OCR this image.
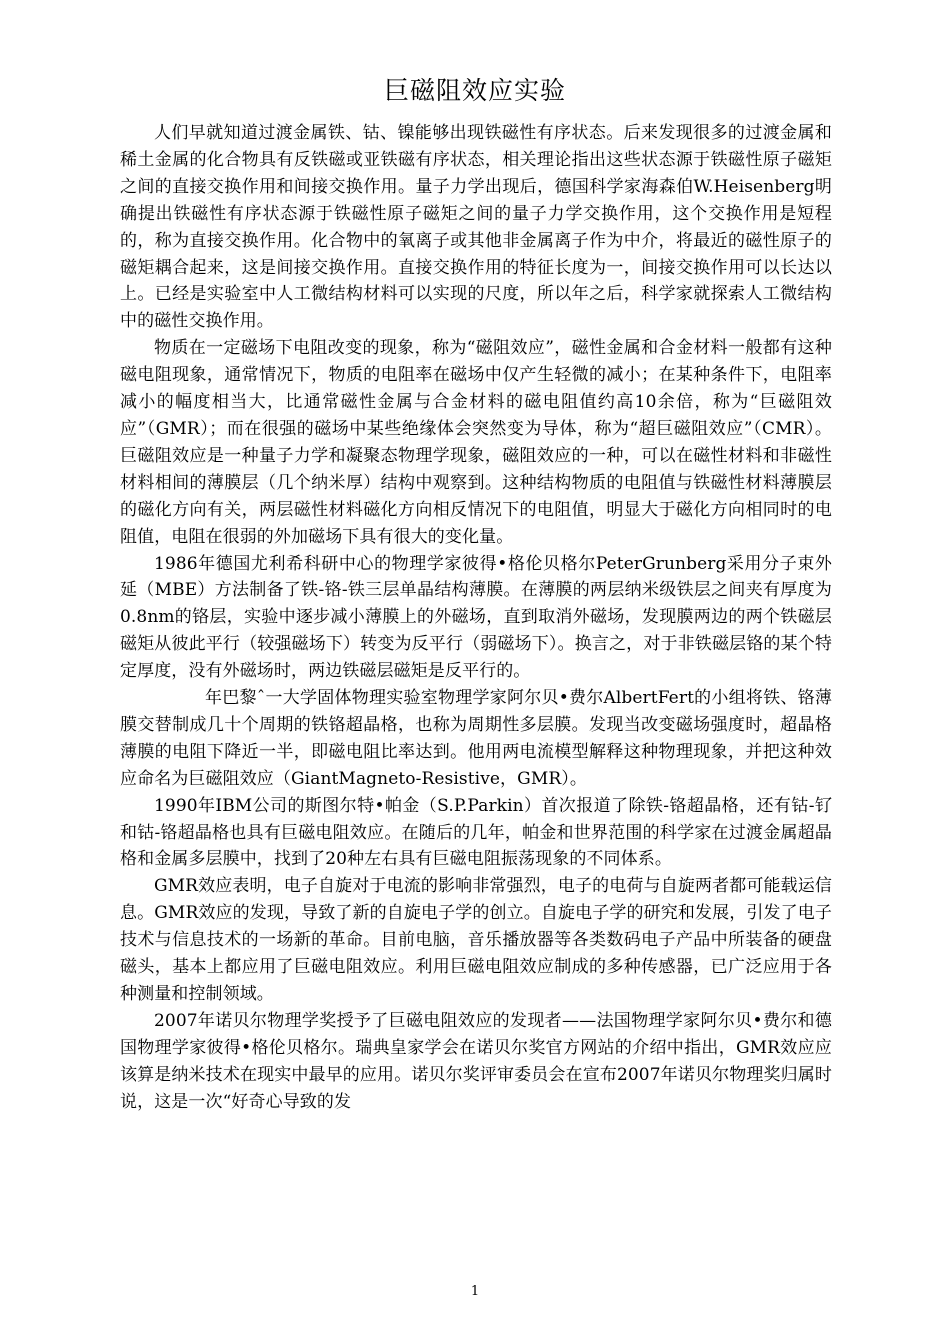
巨磁阻效应实验

人们早就知道过渡金属铁、钴、镍能够出现铁磁性有序状态。后来发现很多的过渡金属和稀土金属的化合物具有反铁磁或亚铁磁有序状态，相关理论指出这些状态源于铁磁性原子磁矩之间的直接交换作用和间接交换作用。量子力学出现后，德国科学家海森伯W.Heisenberg明确提出铁磁性有序状态源于铁磁性原子磁矩之间的量子力学交换作用，这个交换作用是短程的，称为直接交换作用。化合物中的氧离子或其他非金属离子作为中介，将最近的磁性原子的磁矩耦合起来，这是间接交换作用。直接交换作用的特征长度为一，间接交换作用可以长达以上。已经是实验室中人工微结构材料可以实现的尺度，所以年之后，科学家就探索人工微结构中的磁性交换作用。

物质在一定磁场下电阻改变的现象，称为“磁阻效应”，磁性金属和合金材料一般都有这种磁电阻现象，通常情况下，物质的电阻率在磁场中仅产生轻微的减小；在某种条件下，电阻率减小的幅度相当大，比通常磁性金属与合金材料的磁电阻值约高10余倍，称为“巨磁阻效应”（GMR）；而在很强的磁场中某些绝缘体会突然变为导体，称为“超巨磁阻效应”（CMR）。巨磁阻效应是一种量子力学和凝聚态物理学现象，磁阻效应的一种，可以在磁性材料和非磁性材料相间的薄膜层（几个纳米厚）结构中观察到。这种结构物质的电阻值与铁磁性材料薄膜层的磁化方向有关，两层磁性材料磁化方向相反情况下的电阻值，明显大于磁化方向相同时的电阻值，电阻在很弱的外加磁场下具有很大的变化量。

1986年德国尤利希科研中心的物理学家彼得•格伦贝格尔PeterGrunberg采用分子束外延（MBE）方法制备了铁-铬-铁三层单晶结构薄膜。在薄膜的两层纳米级铁层之间夹有厚度为0.8nm的铬层，实验中逐步减小薄膜上的外磁场，直到取消外磁场，发现膜两边的两个铁磁层磁矩从彼此平行（较强磁场下）转变为反平行（弱磁场下）。换言之，对于非铁磁层铬的某个特定厚度，没有外磁场时，两边铁磁层磁矩是反平行的。

年巴黎ˆ一大学固体物理实验室物理学家阿尔贝•费尔AlbertFert的小组将铁、铬薄膜交替制成几十个周期的铁铬超晶格，也称为周期性多层膜。发现当改变磁场强度时，超晶格薄膜的电阻下降近一半，即磁电阻比率达到。他用两电流模型解释这种物理现象，并把这种效应命名为巨磁阻效应（GiantMagneto-Resistive，GMR）。

1990年IBM公司的斯图尔特•帕金（S.P.Parkin）首次报道了除铁-铬超晶格，还有钴-钌和钴-铬超晶格也具有巨磁电阻效应。在随后的几年，帕金和世界范围的科学家在过渡金属超晶格和金属多层膜中，找到了20种左右具有巨磁电阻振荡现象的不同体系。

GMR效应表明，电子自旋对于电流的影响非常强烈，电子的电荷与自旋两者都可能载运信息。GMR效应的发现，导致了新的自旋电子学的创立。自旋电子学的研究和发展，引发了电子技术与信息技术的一场新的革命。目前电脑，音乐播放器等各类数码电子产品中所装备的硬盘磁头，基本上都应用了巨磁电阻效应。利用巨磁电阻效应制成的多种传感器，已广泛应用于各种测量和控制领域。

2007年诺贝尔物理学奖授予了巨磁电阻效应的发现者——法国物理学家阿尔贝•费尔和德国物理学家彼得•格伦贝格尔。瑞典皇家学会在诺贝尔奖官方网站的介绍中指出，GMR效应应该算是纳米技术在现实中最早的应用。诺贝尔奖评审委员会在宣布2007年诺贝尔物理奖归属时说，这是一次“好奇心导致的发

1
